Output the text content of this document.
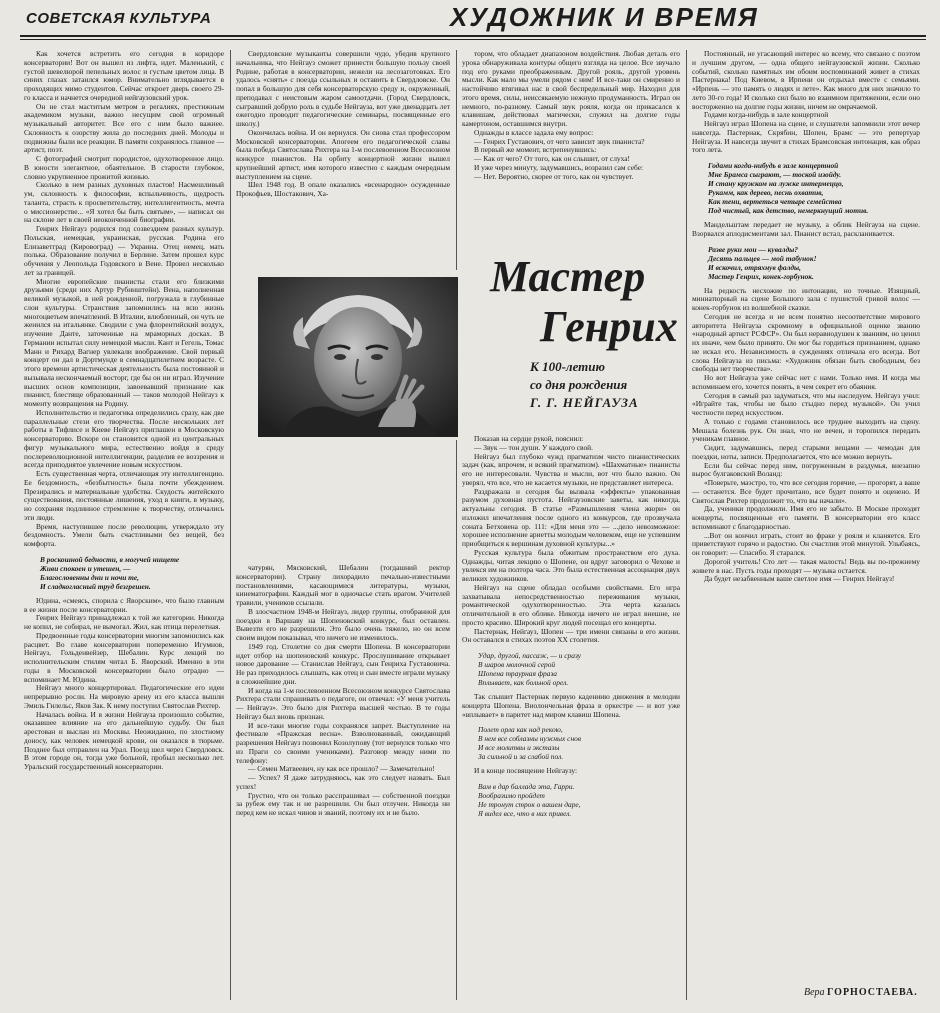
СОВЕТСКАЯ КУЛЬТУРА	ХУДОЖНИК И ВРЕМЯ

Как хочется встретить его сегодня в коридоре консерватории! Вот он вышел из лифта, идет. Маленький, с густой шевелюрой пепельных волос и густым цветом лица. В синих глазах затаился юмор. Внимательно вглядывается в проходящих мимо студентов. Сейчас откроет дверь своего 29-го класса и начнется очередной нейгаузовский урок.

Он не стал маститым метром в регалиях, престижным академиком музыки, важно несущим свой огромный музыкальный авторитет. Все его с ним было важнее. Склонность к озорству жила до последних дней. Молоды и подвижны были все реакции. В памяти сохранялось главное — артист, поэт.

С фотографий смотрит породистое, одухотворенное лицо. В юности элегантное, обаятельное. В старости глубокое, словно укрупненное прожитой жизнью.

Сколько в нем разных духовных пластов! Насмешливый ум, склонность к философии, вспыльчивость, щедрость таланта, страсть к просветительству, интеллигентность, мечта о миссионерстве... «Я хотел бы быть святым», — написал он на склоне лет в своей неоконченной биографии.

Генрих Нейгауз родился под созвездием разных культур. Польская, немецкая, украинская, русская. Родина его Елизаветград (Кировоград) — Украина. Отец немец, мать полька. Образование получил в Берлине. Затем прошел курс обучения у Леопольда Годовского в Вене. Провел несколько лет за границей.

Многие европейские пианисты стали его близкими друзьями (среди них Артур Рубинштейн). Вена, наполненная великой музыкой, в ней рожденной, погружала в глубинные слои культуры. Странствия запомнились на всю жизнь многоцветьем впечатлений. В Италии, влюбленный, он чуть не женился на итальянке. Сводили с ума флорентийский воздух, изучение Данте, заточенные на мраморных досках. В Германии испытал силу немецкой мысли. Кант и Гегель, Томас Манн и Рихард Вагнер увлекали воображение. Свой первый концерт он дал в Дортмунде в семнадцатилетнем возрасте. С этого времени артистическая деятельность была постоянной и вызывала нескончаемый восторг, где бы он ни играл. Изучение высших основ композиции, завоевавший признание как пианист, блестяще образованный — таков молодой Нейгауз к моменту возвращения на Родину.

Исполнительство и педагогика определились сразу, как две параллельные стези его творчества. После нескольких лет работы в Тифлисе и Киеве Нейгауз приглашен в Московскую консерваторию. Вскоре он становится одной из центральных фигур музыкального мира, естественно войдя в среду послереволюционной интеллигенции, разделив ее воззрения и всегда приподнятое увлечение новым искусством.

Есть существенная черта, отличающая эту интеллигенцию. Ее бездомность, «безбытность» была почти убеждением. Презирались и материальные удобства. Скудость житейского существования, постоянные лишения, уход в книги, в музыку, но сохраняя подлинное стремление к творчеству, отличались эти люди.

Время, наступившее после революции, утверждало эту бездомность. Умели быть счастливыми без вещей, без комфорта.

В роскошной бедности, в могучей нищете
Живи спокоен и утешен, —
Благословенны дни и ночи те,
И сладкогласный труд безгрешен.

Юдина, «смеясь, спорила с Яворским», что было главным в ее жизни после консерватории.

Генрих Нейгауз принадлежал к той же категории. Никогда не копил, не собирал, не вымогал. Жил, как птица перелетная.

Предвоенные годы консерватории многим запомнились как расцвет. Во главе консерватории попеременно Игумнов, Нейгауз, Гольденвейзер, Шебалин. Курс лекций по исполнительским стилям читал Б. Яворский. Именно в эти годы в Московской консерватории было отрадно — вспоминает М. Юдина.

Нейгауз много концертировал. Педагогические его идеи непрерывно росли. На мировую арену из его класса вышли Эмиль Гилельс, Яков Зак. К нему поступил Святослав Рихтер.

Началась война. И в жизни Нейгауза произошло событие, оказавшее влияние на его дальнейшую судьбу. Он был арестован и выслан из Москвы. Неожиданно, по злостному доносу, как человек немецкой крови, он оказался в тюрьме. Позднее был отправлен на Урал. Поезд шел через Свердловск. В этом городе он, тогда уже больной, пробыл несколько лет. Уральский государственный консерватории.

Свердловские музыканты совершили чудо, убедив крупного начальника, что Нейгауз сможет принести большую пользу своей Родине, работая в консерватории, нежели на лесозаготовках. Его удалось «снять» с поезда ссыльных и оставить в Свердловске. Он попал в большую для себя консерваторскую среду и, окруженный, преподавал с неистовым жаром самоотдачи. (Город Свердловск, сыгравший добрую роль в судьбе Нейгауза, вот уже двенадцать лет ежегодно проводит педагогические семинары, посвященные его школу.)

Окончилась война. И он вернулся. Он снова стал профессором Московской консерватории. Апогеем его педагогической славы была победа Святослава Рихтера на 1-м послевоенном Всесоюзном конкурсе пианистов. На орбиту концертной жизни вышел крупнейший артист, имя которого известно с каждым очередным выступлением на сцене.

Шел 1948 год. В опале оказались «всенародно» осужденные Прокофьев, Шостакович, Ха-

тором, что обладает диапазоном воздействия. Любая деталь его урока обнаруживала контуры общего взгляда на целое. Все звучало под его руками преображенным. Другой рояль, другой уровень мысли. Как мало мы умели рядом с ним! И все-таки он смиренно и настойчиво втягивал нас в свой беспредельный мир. Находил для этого время, силы, неиссякаемую нежную продуманность. Играл он немного, по-разному. Самый звук рояля, когда он прикасался к клавишам, действовал магически, служил на долгие годы камертоном, оставшимся внутри.

Однажды в классе задала ему вопрос:

— Генрих Густавович, от чего зависит звук пианиста?

В первый же момент, встрепенувшись:

— Как от чего? От того, как он слышит, от слуха!

И уже через минуту, задумавшись, возразил сам себе:

— Нет. Вероятно, скорее от того, как он чувствует.

Мастер
Генрих
К 100-летию
со дня рождения
Г. Г. НЕЙГАУЗА

чатурян, Мясковский, Шебалин (тогдашний ректор консерватории). Страну лихорадило печально-известными постановлениями, касающимися литературы, музыки, кинематографии. Каждый мог в одночасье стать врагом. Учителей травили, учеников ссылали.

В злосчастном 1948-м Нейгауз, лидер группы, отобранной для поездки в Варшаву на Шопеновский конкурс, был оставлен. Вывезти его не разрешили. Это было очень тяжело, но он всем своим видом показывал, что ничего не изменилось.

1949 год. Столетие со дня смерти Шопена. В консерватории идет отбор на шопеновский конкурс. Прослушивание открывает новое дарование — Станислав Нейгауз, сын Генриха Густавовича. Не раз приходилось слышать, как отец и сын вместе играли музыку в сложнейшие дни.

И когда на 1-м послевоенном Всесоюзном конкурсе Святослава Рихтера стали спрашивать о педагоге, он отвечал: «У меня учитель — Нейгауз». Это было для Рихтера высшей честью. В те годы Нейгауз был вновь признан.

И все-таки многие годы сохранялся запрет. Выступление на фестивале «Пражская весна». Взволнованный, ожидающий разрешения Нейгауз позвонил Козолупову (тот вернулся только что из Праги со своими учениками). Разговор между ними по телефону:

— Семен Матвеевич, ну как все прошло? — Замечательно!

— Успех? Я даже затрудняюсь, как это следует назвать. Был успех!

Грустно, что он только расспрашивал — собственной поездки за рубеж ему так и не разрешили. Он был отлучен. Никогда ни перед кем не искал чинов и званий, поэтому их и не было.

Показав на сердце рукой, пояснил:

— Звук — тон души. У каждого свой.

Нейгауз был глубоко чужд прагматизм чисто пианистических задач (как, впрочем, и всякий прагматизм). «Шахматные» пианисты его не интересовали. Чувства и мысли, вот что было важно. Он уверял, что все, что не касается музыки, не представляет интереса.

Раздражала и сегодня бы вызвала «эффекты» упакованная разумом духовная пустота. Нейгаузовские заветы, как никогда, актуальны сегодня. В статье «Размышления члена жюри» он изложил впечатления после одного из конкурсов, где прозвучала соната Бетховена ор. 111: «Для меня это — ...дело невозможное: хорошее исполнение ариетты молодым человеком, еще не успевшим приобщиться к вершинам духовной культуры...»

Русская культура была обжитым пространством его духа. Однажды, читая лекцию о Шопене, он вдруг заговорил о Чехове и увлекся им на полтора часа. Это была естественная ассоциация двух великих художников.

Нейгауз на сцене обладал особыми свойствами. Его игра захватывала непосредственностью переживания музыки, романтической одухотворенностью. Эта черта казалась отличительной в его облике. Никогда ничего не играл внешне, не просто красиво. Широкий круг людей посещал его концерты.

Пастернак, Нейгауз, Шопен — три имени связаны в его жизни. Он оставался в стихах поэтов XX столетия.

Удар, другой, пассаж, — и сразу
В шаров молочной серой
Шопена траурная фраза
Вплывает, как больной орел.

Так слышит Пастернак первую кадениию движения в мелодии концерта Шопена. Виолончельная фраза в оркестре — и вот уже «вплывает» в паритет над миром клавиш Шопена.

Полет орла как над рекою,
В нем все соблазны нужных снов
И все молитвы и экстазы
За сильной и за слабой пол.

И в конце посвящение Нейгаузу:

Вам в дар баллада эта, Гарри.
Вообразимо пройдет
Не тронут строк о вашем даре,
Я видел все, что в них привел.

Постоянный, не угасающий интерес ко всему, что связано с поэтом и лучшим другом, — одна общего нейгаузовской жизни. Сколько событий, сколько памятных им обоим воспоминаний живет в стихах Пастернака! Под Киевом, в Ирпени он отдыхал вместе с семьями. «Ирпень — это память о людях и лете». Как много для них значило то лето 30-го года! И сколько сил было во взаимном притяжении, если оно восторженно на долгие годы жизни, ничем не омрачаемой.

Годами когда-нибудь в зале концертной

Нейгауз играл Шопена на сцене, и слушатели запомнили этот вечер навсегда. Пастернак, Скрябин, Шопен, Брамс — это репертуар Нейгауза. И навсегда звучит в стихах Брамсовская интонация, как образ того лета.

Годами когда-нибудь в зале концертной
Мне Брамса сыграют, — тоской изойду.
И стану кружком на лужке интермеццо,
Рукамм, как дерево, песнь охватив,
Как тени, вертеться четыре семейства
Под чистый, как детство, немеркнущий мотив.

Мандельштам передает не музыку, а облик Нейгауза на сцене. Взорвался аплодисментами зал. Пианист встал, раскланивается.

Разве руки мои — кувалды?
Десять пальцев — мой табунок!
И вскочил, отряхнув фалды,
Мастер Генрих, конек-горбунок.

На редкость несхожие по интонации, но точные. Изящный, миниатюрный на сцене Большого зала с пушистой гривой волос — конек-горбунок из волшебной сказки.

Сегодня не всегда и не всем понятно несоответствие мирового авторитета Нейгауза скромному в официальной оценке званию «народный артист РСФСР». Он был неравнодушен к званиям, но ценил их иначе, чем было принято. Он мог бы гордиться признанием, однако не искал его. Независимость в суждениях отличала его всегда. Вот слова Нейгауза из письма: «Художник обязан быть свободным, без свободы нет творчества».

Но вот Нейгауза уже сейчас нет с нами. Только имя. И когда мы вспоминаем его, хочется понять, в чем секрет его обаяния.

Сегодня в самый раз задуматься, что мы наследуем. Нейгауз учил: «Играйте так, чтобы не было стыдно перед музыкой». Он учил честности перед искусством.

А только с годами становилось все труднее выходить на сцену. Мешала болезнь рук. Он знал, что не вечен, и торопился передать ученикам главное.

Сидит, задумавшись, перед старыми вещами — чемодан для поездки, ноты, записи. Предполагается, что все можно вернуть.

Если бы сейчас перед ним, погруженным в раздумья, внезапно вырос булгаковский Воланд:

«Поверьте, маэстро, то, что все сегодня горячие, — прогорят, а ваше — останется. Все будет прочитано, все будет понято и оценено. И Святослав Рихтер продолжит то, что вы начали».

Да, ученики продолжили. Имя его не забыто. В Москве проходят концерты, посвященные его памяти. В консерватории его класс вспоминают с благодарностью.

...Вот он кончил играть, стоит во фраке у рояля и кланяется. Его приветствуют горячо и радостно. Он счастлив этой минутой. Улыбаясь, он говорит: — Спасибо. Я старался.

Дорогой учитель! Сто лет — такая малость! Ведь вы по-прежнему живете в нас. Пусть годы проходят — музыка остается.

Да будет незабвенным ваше светлое имя — Генрих Нейгауз!

Вера ГОРНОСТАЕВА.
